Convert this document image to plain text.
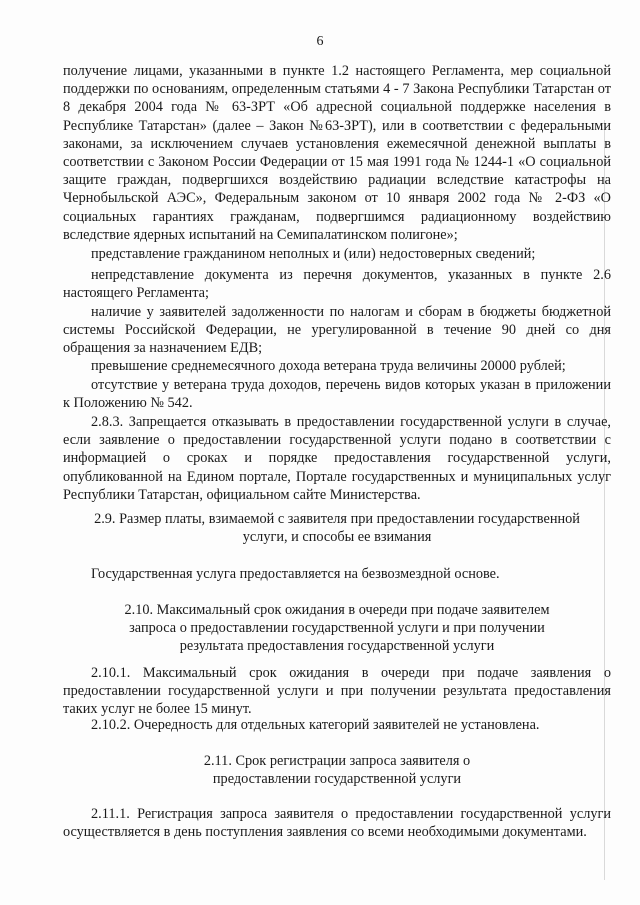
6

получение лицами, указанными в пункте 1.2 настоящего Регламента, мер социальной поддержки по основаниям, определенным статьями 4 - 7 Закона Республики Татарстан от 8 декабря 2004 года № 63-ЗРТ «Об адресной социальной поддержке населения в Республике Татарстан» (далее – Закон №63-ЗРТ), или в соответствии с федеральными законами, за исключением случаев установления ежемесячной денежной выплаты в соответствии с Законом России Федерации от 15 мая 1991 года № 1244-1 «О социальной защите граждан, подвергшихся воздействию радиации вследствие катастрофы на Чернобыльской АЭС», Федеральным законом от 10 января 2002 года № 2-ФЗ «О социальных гарантиях гражданам, подвергшимся радиационному воздействию вследствие ядерных испытаний на Семипалатинском полигоне»;

представление гражданином неполных и (или) недостоверных сведений;

непредставление документа из перечня документов, указанных в пункте 2.6 настоящего Регламента;

наличие у заявителей задолженности по налогам и сборам в бюджеты бюджетной системы Российской Федерации, не урегулированной в течение 90 дней со дня обращения за назначением ЕДВ;

превышение среднемесячного дохода ветерана труда величины 20000 рублей;

отсутствие у ветерана труда доходов, перечень видов которых указан в приложении к Положению № 542.

2.8.3. Запрещается отказывать в предоставлении государственной услуги в случае, если заявление о предоставлении государственной услуги подано в соответствии с информацией о сроках и порядке предоставления государственной услуги, опубликованной на Едином портале, Портале государственных и муниципальных услуг Республики Татарстан, официальном сайте Министерства.

2.9. Размер платы, взимаемой с заявителя при предоставлении государственной
услуги, и способы ее взимания

Государственная услуга предоставляется на безвозмездной основе.

2.10. Максимальный срок ожидания в очереди при подаче заявителем
запроса о предоставлении государственной услуги и при получении
результата предоставления государственной услуги

2.10.1. Максимальный срок ожидания в очереди при подаче заявления о предоставлении государственной услуги и при получении результата предоставления таких услуг не более 15 минут.

2.10.2. Очередность для отдельных категорий заявителей не установлена.

2.11. Срок регистрации запроса заявителя о
предоставлении государственной услуги

2.11.1. Регистрация запроса заявителя о предоставлении государственной услуги осуществляется в день поступления заявления со всеми необходимыми документами.
